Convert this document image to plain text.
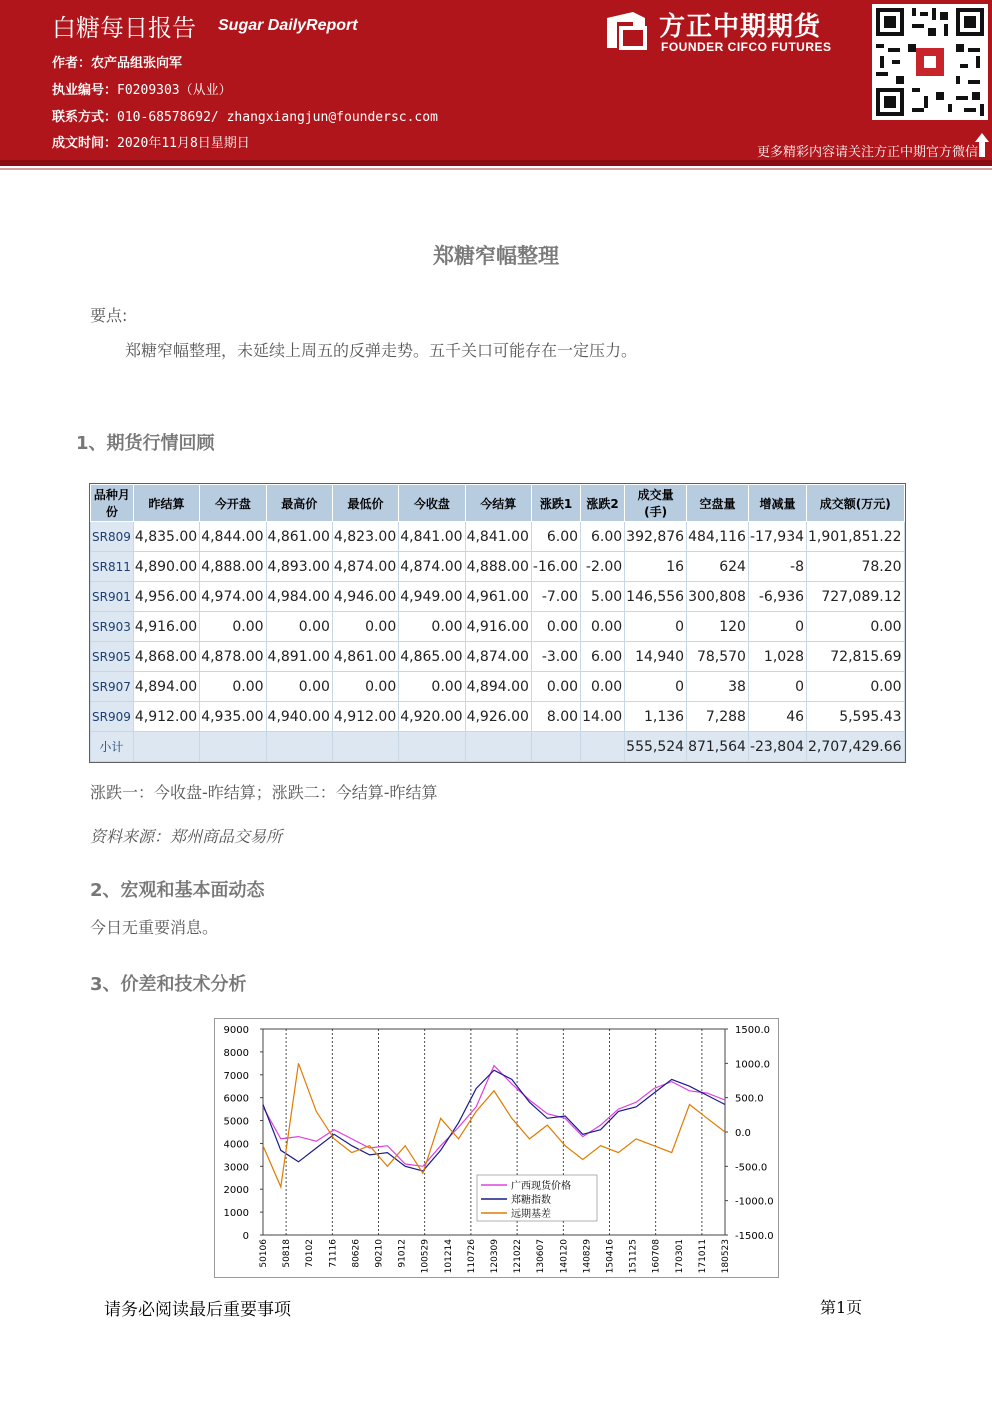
白糖每日报告 Sugar DailyReport
作者：农产品组张向军
执业编号：F0209303（从业）
联系方式：010-68578692/ zhangxiangjun@foundersc.com
成文时间：2020年11月8日星期日
方正中期期货
FOUNDER CIFCO FUTURES
更多精彩内容请关注方正中期官方微信
郑糖窄幅整理
要点:
郑糖窄幅整理，未延续上周五的反弹走势。五千关口可能存在一定压力。
1、期货行情回顾
品种月份	昨结算	今开盘	最高价	最低价	今收盘	今结算	涨跌1	涨跌2	成交量(手)	空盘量	增减量	成交额(万元)
SR809	4,835.00	4,844.00	4,861.00	4,823.00	4,841.00	4,841.00	6.00	6.00	392,876	484,116	-17,934	1,901,851.22
SR811	4,890.00	4,888.00	4,893.00	4,874.00	4,874.00	4,888.00	-16.00	-2.00	16	624	-8	78.20
SR901	4,956.00	4,974.00	4,984.00	4,946.00	4,949.00	4,961.00	-7.00	5.00	146,556	300,808	-6,936	727,089.12
SR903	4,916.00	0.00	0.00	0.00	0.00	4,916.00	0.00	0.00	0	120	0	0.00
SR905	4,868.00	4,878.00	4,891.00	4,861.00	4,865.00	4,874.00	-3.00	6.00	14,940	78,570	1,028	72,815.69
SR907	4,894.00	0.00	0.00	0.00	0.00	4,894.00	0.00	0.00	0	38	0	0.00
SR909	4,912.00	4,935.00	4,940.00	4,912.00	4,920.00	4,926.00	8.00	14.00	1,136	7,288	46	5,595.43
小计									555,524	871,564	-23,804	2,707,429.66
涨跌一：今收盘-昨结算；涨跌二：今结算-昨结算
资料来源：郑州商品交易所
2、宏观和基本面动态
今日无重要消息。
3、价差和技术分析
9000
8000
7000
6000
5000
4000
3000
2000
1000
0
1500.0
1000.0
500.0
0.0
-500.0
-1000.0
-1500.0
50106 50818 70102 71116 80626 90210 91012 100529 101214 110726 120309 121022 130607 140120 140829 150416 151125 160708 170301 171011 180523
广西现货价格
郑糖指数
远期基差
请务必阅读最后重要事项	第1页
